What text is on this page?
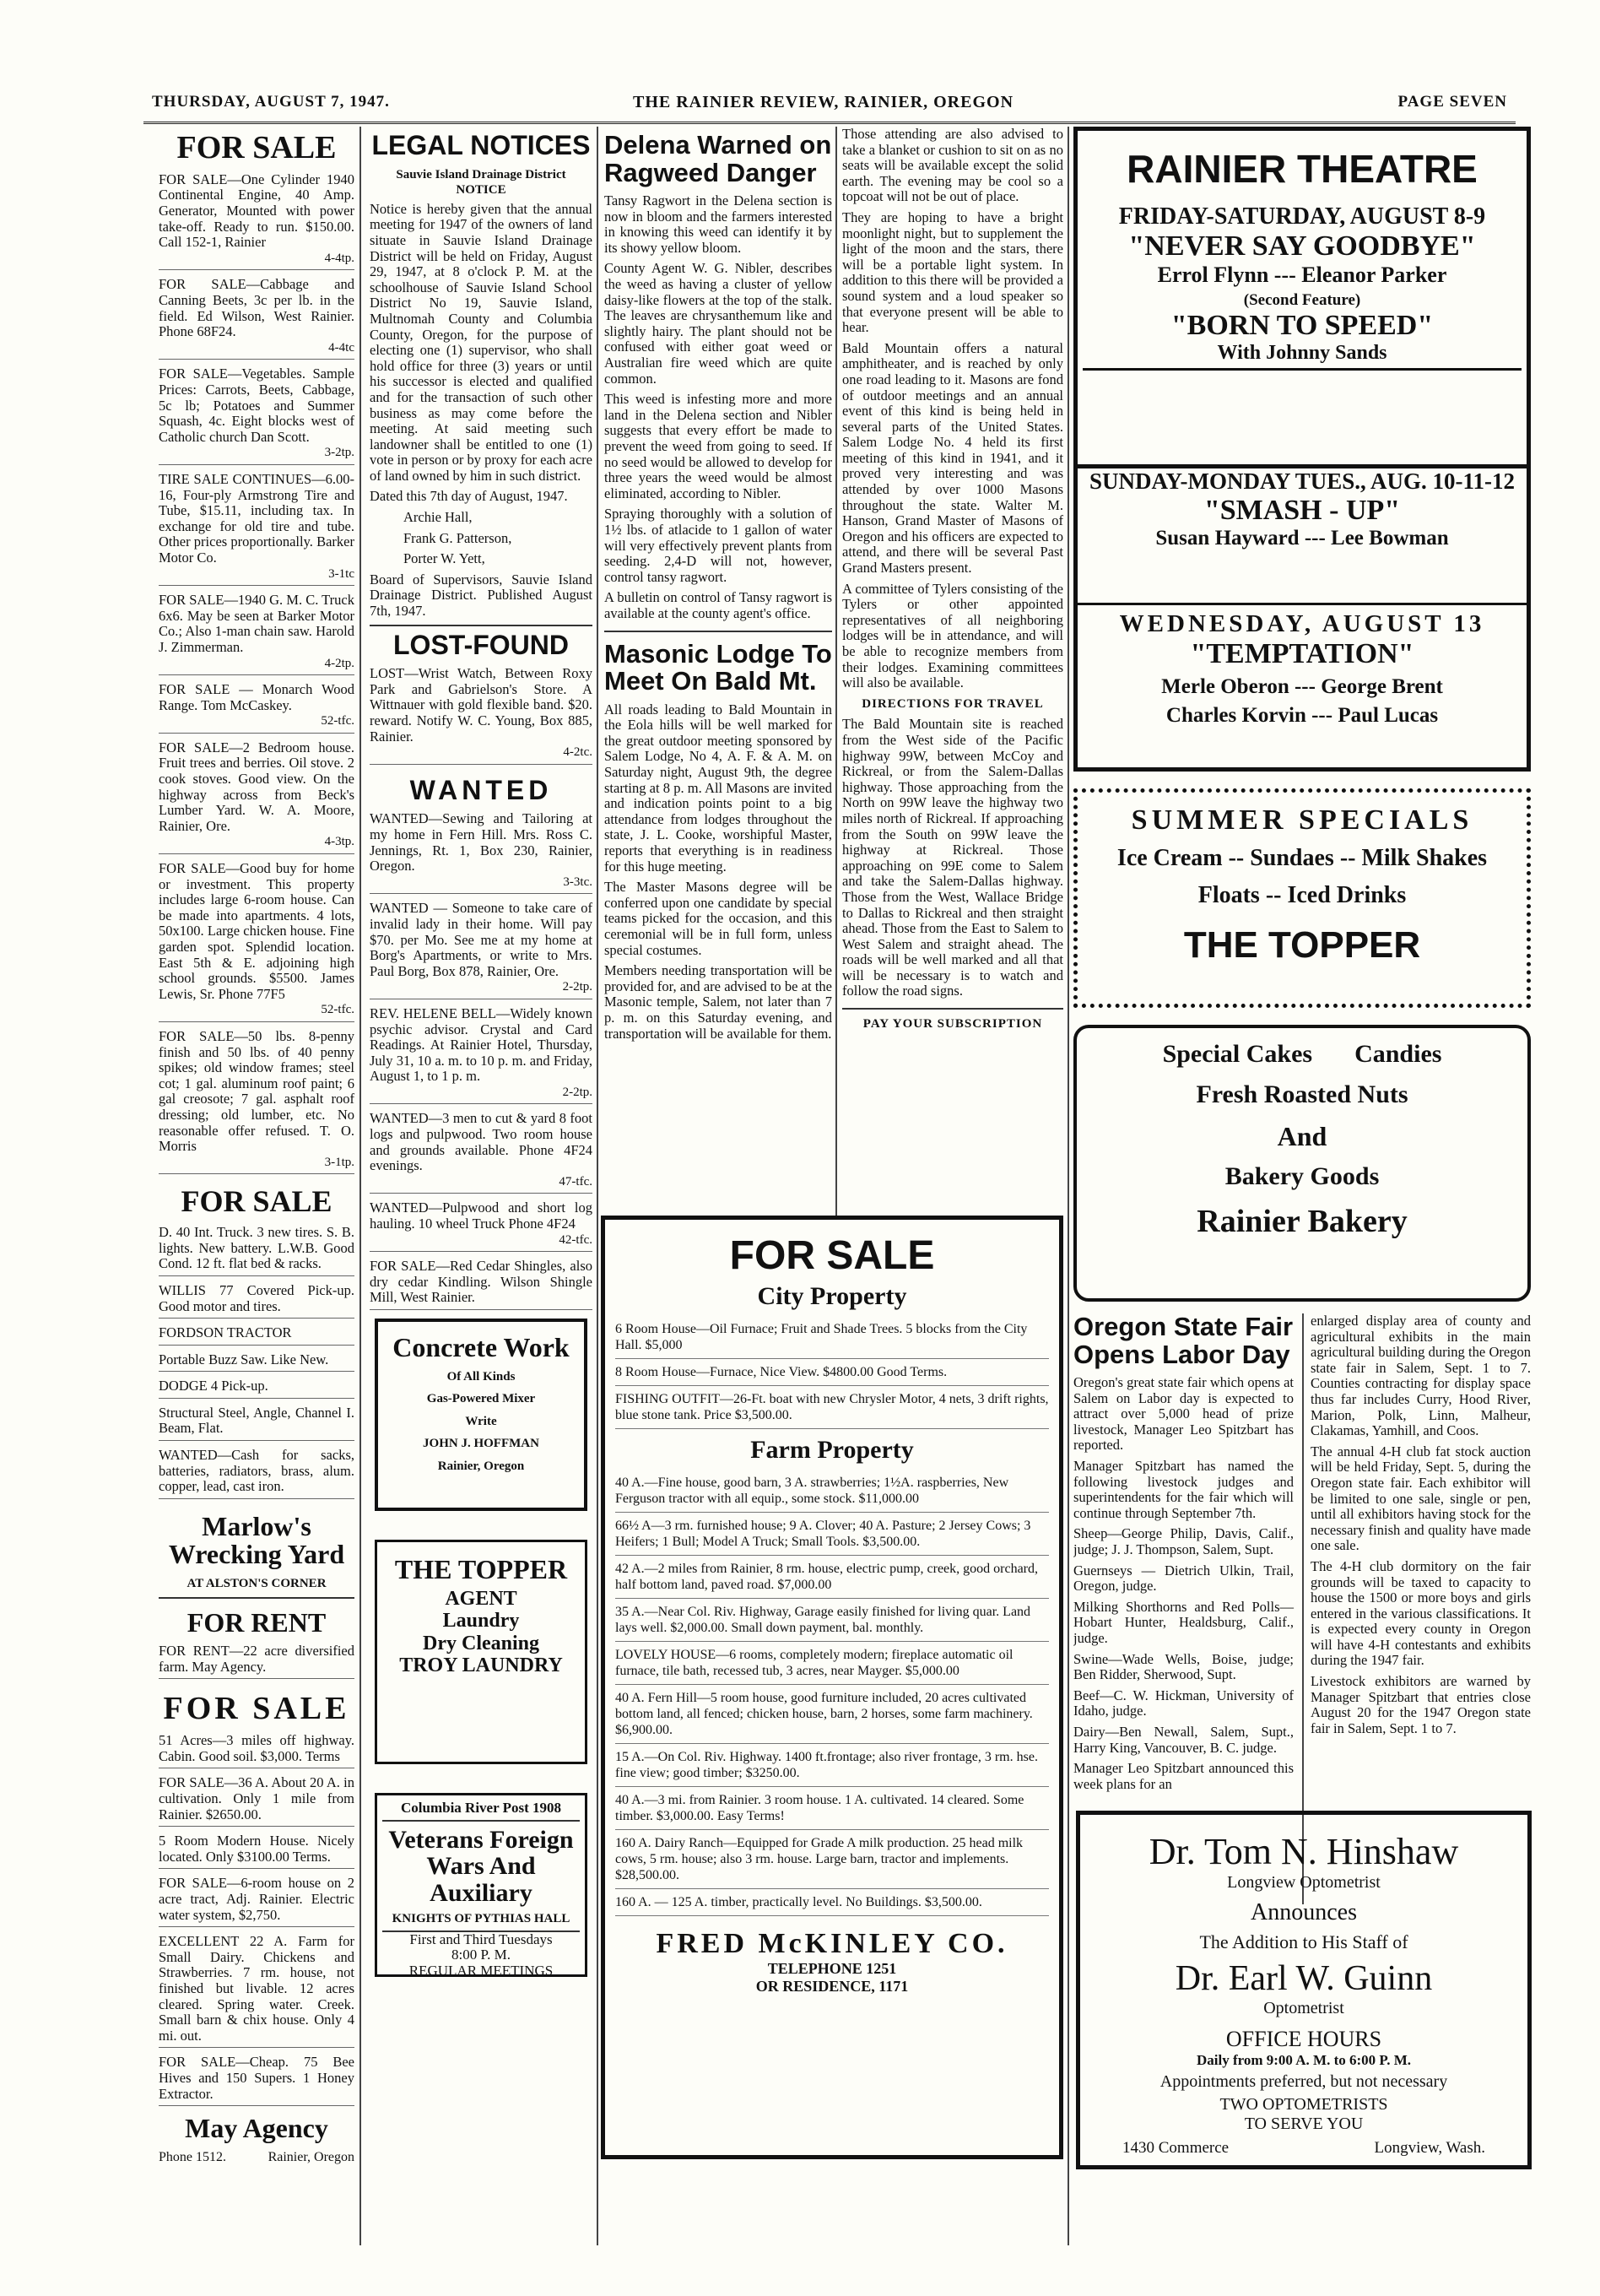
THURSDAY, AUGUST 7, 1947.	THE RAINIER REVIEW, RAINIER, OREGON	PAGE SEVEN
FOR SALE

FOR SALE—One Cylinder 1940 Continental Engine, 40 Amp. Generator, Mounted with power take-off. Ready to run. $150.00. Call 152-1, Rainier

4-4tp.

FOR SALE—Cabbage and Canning Beets, 3c per lb. in the field. Ed Wilson, West Rainier. Phone 68F24.

4-4tc

FOR SALE—Vegetables. Sample Prices: Carrots, Beets, Cabbage, 5c lb; Potatoes and Summer Squash, 4c. Eight blocks west of Catholic church Dan Scott.

3-2tp.

TIRE SALE CONTINUES—6.00-16, Four-ply Armstrong Tire and Tube, $15.11, including tax. In exchange for old tire and tube. Other prices proportionally. Barker Motor Co.

3-1tc

FOR SALE—1940 G. M. C. Truck 6x6. May be seen at Barker Motor Co.; Also 1-man chain saw. Harold J. Zimmerman.

4-2tp.

FOR SALE — Monarch Wood Range. Tom McCaskey.

52-tfc.

FOR SALE—2 Bedroom house. Fruit trees and berries. Oil stove. 2 cook stoves. Good view. On the highway across from Beck's Lumber Yard. W. A. Moore, Rainier, Ore.

4-3tp.

FOR SALE—Good buy for home or investment. This property includes large 6-room house. Can be made into apartments. 4 lots, 50x100. Large chicken house. Fine garden spot. Splendid location. East 5th & E. adjoining high school grounds. $5500. James Lewis, Sr. Phone 77F5

52-tfc.

FOR SALE—50 lbs. 8-penny finish and 50 lbs. of 40 penny spikes; old window frames; steel cot; 1 gal. aluminum roof paint; 6 gal creosote; 7 gal. asphalt roof dressing; old lumber, etc. No reasonable offer refused. T. O. Morris

3-1tp.
FOR SALE

D. 40 Int. Truck. 3 new tires. S. B. lights. New battery. L.W.B. Good Cond. 12 ft. flat bed & racks.

WILLIS 77 Covered Pick-up. Good motor and tires.

FORDSON TRACTOR

Portable Buzz Saw. Like New.

DODGE 4 Pick-up.

Structural Steel, Angle, Channel I. Beam, Flat.

WANTED—Cash for sacks, batteries, radiators, brass, alum. copper, lead, cast iron.

Marlow's Wrecking Yard
AT ALSTON'S CORNER
FOR RENT

FOR RENT—22 acre diversified farm. May Agency.

FOR SALE

51 Acres—3 miles off highway. Cabin. Good soil. $3,000. Terms

FOR SALE—36 A. About 20 A. in cultivation. Only 1 mile from Rainier. $2650.00.

5 Room Modern House. Nicely located. Only $3100.00 Terms.

FOR SALE—6-room house on 2 acre tract, Adj. Rainier. Electric water system, $2,750.

EXCELLENT 22 A. Farm for Small Dairy. Chickens and Strawberries. 7 rm. house, not finished but livable. 12 acres cleared. Spring water. Creek. Small barn & chix house. Only 4 mi. out.

FOR SALE—Cheap. 75 Bee Hives and 150 Supers. 1 Honey Extractor.

May Agency
Phone 1512.	Rainier, Oregon
LEGAL NOTICES
Sauvie Island Drainage District
NOTICE

Notice is hereby given that the annual meeting for 1947 of the owners of land situate in Sauvie Island Drainage District will be held on Friday, August 29, 1947, at 8 o'clock P. M. at the schoolhouse of Sauvie Island School District No 19, Sauvie Island, Multnomah County and Columbia County, Oregon, for the purpose of electing one (1) supervisor, who shall hold office for three (3) years or until his successor is elected and qualified and for the transaction of such other business as may come before the meeting. At said meeting such landowner shall be entitled to one (1) vote in person or by proxy for each acre of land owned by him in such district.

Dated this 7th day of August, 1947.

Archie Hall,

Frank G. Patterson,

Porter W. Yett,

Board of Supervisors, Sauvie Island Drainage District. Published August 7th, 1947.

LOST-FOUND

LOST—Wrist Watch, Between Roxy Park and Gabrielson's Store. A Wittnauer with gold flexible band. $20. reward. Notify W. C. Young, Box 885, Rainier.

4-2tc.
WANTED

WANTED—Sewing and Tailoring at my home in Fern Hill. Mrs. Ross C. Jennings, Rt. 1, Box 230, Rainier, Oregon.

3-3tc.

WANTED — Someone to take care of invalid lady in their home. Will pay $70. per Mo. See me at my home at Borg's Apartments, or write to Mrs. Paul Borg, Box 878, Rainier, Ore.

2-2tp.

REV. HELENE BELL—Widely known psychic advisor. Crystal and Card Readings. At Rainier Hotel, Thursday, July 31, 10 a. m. to 10 p. m. and Friday, August 1, to 1 p. m.

2-2tp.

WANTED—3 men to cut & yard 8 foot logs and pulpwood. Two room house and grounds available. Phone 4F24 evenings.

47-tfc.

WANTED—Pulpwood and short log hauling. 10 wheel Truck Phone 4F24

42-tfc.

FOR SALE—Red Cedar Shingles, also dry cedar Kindling. Wilson Shingle Mill, West Rainier.

Concrete Work
Of All Kinds
Gas-Powered Mixer
Write
JOHN J. HOFFMAN
Rainier, Oregon
THE TOPPER
AGENT
Laundry
Dry Cleaning
TROY LAUNDRY
Columbia River Post 1908
Veterans Foreign Wars And Auxiliary
KNIGHTS OF PYTHIAS HALL
First and Third Tuesdays
8:00 P. M.
REGULAR MEETINGS
Delena Warned on Ragweed Danger

Tansy Ragwort in the Delena section is now in bloom and the farmers interested in knowing this weed can identify it by its showy yellow bloom.

County Agent W. G. Nibler, describes the weed as having a cluster of yellow daisy-like flowers at the top of the stalk. The leaves are chrysanthemum like and slightly hairy. The plant should not be confused with either goat weed or Australian fire weed which are quite common.

This weed is infesting more and more land in the Delena section and Nibler suggests that every effort be made to prevent the weed from going to seed. If no seed would be allowed to develop for three years the weed would be almost eliminated, according to Nibler.

Spraying thoroughly with a solution of 1½ lbs. of atlacide to 1 gallon of water will very effectively prevent plants from seeding. 2,4-D will not, however, control tansy ragwort.

A bulletin on control of Tansy ragwort is available at the county agent's office.

Masonic Lodge To Meet On Bald Mt.

All roads leading to Bald Mountain in the Eola hills will be well marked for the great outdoor meeting sponsored by Salem Lodge, No 4, A. F. & A. M. on Saturday night, August 9th, the degree starting at 8 p. m. All Masons are invited and indication points point to a big attendance from lodges throughout the state, J. L. Cooke, worshipful Master, reports that everything is in readiness for this huge meeting.

The Master Masons degree will be conferred upon one candidate by special teams picked for the occasion, and this ceremonial will be in full form, unless special costumes.

Members needing transportation will be provided for, and are advised to be at the Masonic temple, Salem, not later than 7 p. m. on this Saturday evening, and transportation will be available for them.

Those attending are also advised to take a blanket or cushion to sit on as no seats will be available except the solid earth. The evening may be cool so a topcoat will not be out of place.

They are hoping to have a bright moonlight night, but to supplement the light of the moon and the stars, there will be a portable light system. In addition to this there will be provided a sound system and a loud speaker so that everyone present will be able to hear.

Bald Mountain offers a natural amphitheater, and is reached by only one road leading to it. Masons are fond of outdoor meetings and an annual event of this kind is being held in several parts of the United States. Salem Lodge No. 4 held its first meeting of this kind in 1941, and it proved very interesting and was attended by over 1000 Masons throughout the state. Walter M. Hanson, Grand Master of Masons of Oregon and his officers are expected to attend, and there will be several Past Grand Masters present.

A committee of Tylers consisting of the Tylers or other appointed representatives of all neighboring lodges will be in attendance, and will be able to recognize members from their lodges. Examining committees will also be available.

DIRECTIONS FOR TRAVEL

The Bald Mountain site is reached from the West side of the Pacific highway 99W, between McCoy and Rickreal, or from the Salem-Dallas highway. Those approaching from the North on 99W leave the highway two miles north of Rickreal. If approaching from the South on 99W leave the highway at Rickreal. Those approaching on 99E come to Salem and take the Salem-Dallas highway. Those from the West, Wallace Bridge to Dallas to Rickreal and then straight ahead. Those from the East to Salem to West Salem and straight ahead. The roads will be well marked and all that will be necessary is to watch and follow the road signs.

PAY YOUR SUBSCRIPTION
FOR SALE
City Property
6 Room House—Oil Furnace; Fruit and Shade Trees. 5 blocks from the City Hall. $5,000
8 Room House—Furnace, Nice View. $4800.00 Good Terms.
FISHING OUTFIT—26-Ft. boat with new Chrysler Motor, 4 nets, 3 drift rights, blue stone tank. Price $3,500.00.
Farm Property
40 A.—Fine house, good barn, 3 A. strawberries; 1½A. raspberries, New Ferguson tractor with all equip., some stock. $11,000.00
66½ A—3 rm. furnished house; 9 A. Clover; 40 A. Pasture; 2 Jersey Cows; 3 Heifers; 1 Bull; Model A Truck; Small Tools. $3,500.00.
42 A.—2 miles from Rainier, 8 rm. house, electric pump, creek, good orchard, half bottom land, paved road. $7,000.00
35 A.—Near Col. Riv. Highway, Garage easily finished for living quar. Land lays well. $2,000.00. Small down payment, bal. monthly.
LOVELY HOUSE—6 rooms, completely modern; fireplace automatic oil furnace, tile bath, recessed tub, 3 acres, near Mayger. $5,000.00
40 A. Fern Hill—5 room house, good furniture included, 20 acres cultivated bottom land, all fenced; chicken house, barn, 2 horses, some farm machinery. $6,900.00.
15 A.—On Col. Riv. Highway. 1400 ft.frontage; also river frontage, 3 rm. hse. fine view; good timber; $3250.00.
40 A.—3 mi. from Rainier. 3 room house. 1 A. cultivated. 14 cleared. Some timber. $3,000.00. Easy Terms!
160 A. Dairy Ranch—Equipped for Grade A milk production. 25 head milk cows, 5 rm. house; also 3 rm. house. Large barn, tractor and implements. $28,500.00.
160 A. — 125 A. timber, practically level. No Buildings. $3,500.00.
FRED McKINLEY CO.
TELEPHONE 1251
OR RESIDENCE, 1171
RAINIER THEATRE
FRIDAY-SATURDAY, AUGUST 8-9
"NEVER SAY GOODBYE"
Errol Flynn --- Eleanor Parker
(Second Feature)
"BORN TO SPEED"
With Johnny Sands
SUNDAY-MONDAY TUES., AUG. 10-11-12
"SMASH - UP"
Susan Hayward --- Lee Bowman
WEDNESDAY, AUGUST 13
"TEMPTATION"
Merle Oberon --- George Brent
Charles Korvin --- Paul Lucas
SUMMER SPECIALS
Ice Cream -- Sundaes -- Milk Shakes
Floats -- Iced Drinks
THE TOPPER
Special Cakes Candies
Fresh Roasted Nuts
And
Bakery Goods
Rainier Bakery
Oregon State Fair Opens Labor Day

Oregon's great state fair which opens at Salem on Labor day is expected to attract over 5,000 head of prize livestock, Manager Leo Spitzbart has reported.

Manager Spitzbart has named the following livestock judges and superintendents for the fair which will continue through September 7th.

Sheep—George Philip, Davis, Calif., judge; J. J. Thompson, Salem, Supt.

Guernseys — Dietrich Ulkin, Trail, Oregon, judge.

Milking Shorthorns and Red Polls—Hobart Hunter, Healdsburg, Calif., judge.

Swine—Wade Wells, Boise, judge; Ben Ridder, Sherwood, Supt.

Beef—C. W. Hickman, University of Idaho, judge.

Dairy—Ben Newall, Salem, Supt., Harry King, Vancouver, B. C. judge.

Manager Leo Spitzbart announced this week plans for an

enlarged display area of county and agricultural exhibits in the main agricultural building during the Oregon state fair in Salem, Sept. 1 to 7. Counties contracting for display space thus far includes Curry, Hood River, Marion, Polk, Linn, Malheur, Clakamas, Yamhill, and Coos.

The annual 4-H club fat stock auction will be held Friday, Sept. 5, during the Oregon state fair. Each exhibitor will be limited to one sale, single or pen, until all exhibitors having stock for the necessary finish and quality have made one sale.

The 4-H club dormitory on the fair grounds will be taxed to capacity to house the 1500 or more boys and girls entered in the various classifications. It is expected every county in Oregon will have 4-H contestants and exhibits during the 1947 fair.

Livestock exhibitors are warned by Manager Spitzbart that entries close August 20 for the 1947 Oregon state fair in Salem, Sept. 1 to 7.

Dr. Tom N. Hinshaw
Longview Optometrist
Announces
The Addition to His Staff of
Dr. Earl W. Guinn
Optometrist
OFFICE HOURS
Daily from 9:00 A. M. to 6:00 P. M.
Appointments preferred, but not necessary
TWO OPTOMETRISTS
TO SERVE YOU
1430 Commerce	Longview, Wash.
